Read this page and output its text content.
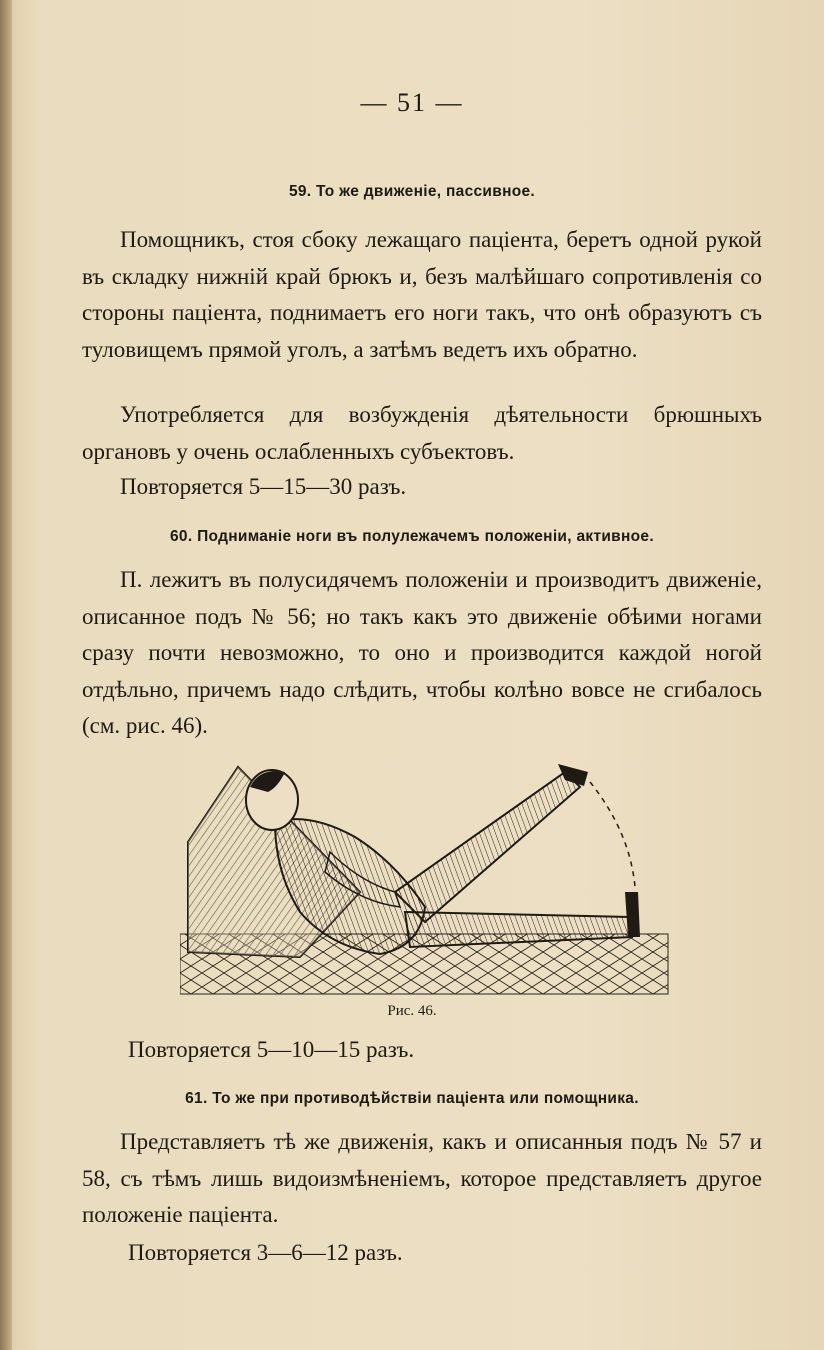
— 51 —
59. То же движеніе, пассивное.

Помощникъ, стоя сбоку лежащаго паціента, беретъ одной рукой въ складку нижній край брюкъ и, безъ малѣйшаго сопротивленія со стороны паціента, поднимаетъ его ноги такъ, что онѣ образуютъ съ туловищемъ прямой уголъ, а затѣмъ ведетъ ихъ обратно.

Употребляется для возбужденія дѣятельности брюшныхъ органовъ у очень ослабленныхъ субъектовъ.

Повторяется 5—15—30 разъ.
60. Подниманіе ноги въ полулежачемъ положеніи, активное.

П. лежитъ въ полусидячемъ положеніи и производитъ движеніе, описанное подъ № 56; но такъ какъ это движеніе обѣими ногами сразу почти невозможно, то оно и производится каждой ногой отдѣльно, причемъ надо слѣдить, чтобы колѣно вовсе не сгибалось (см. рис. 46).

Рис. 46.
Повторяется 5—10—15 разъ.
61. То же при противодѣйствіи паціента или помощника.

Представляетъ тѣ же движенія, какъ и описанныя подъ № 57 и 58, съ тѣмъ лишь видоизмѣненіемъ, которое представляетъ другое положеніе паціента.

Повторяется 3—6—12 разъ.
